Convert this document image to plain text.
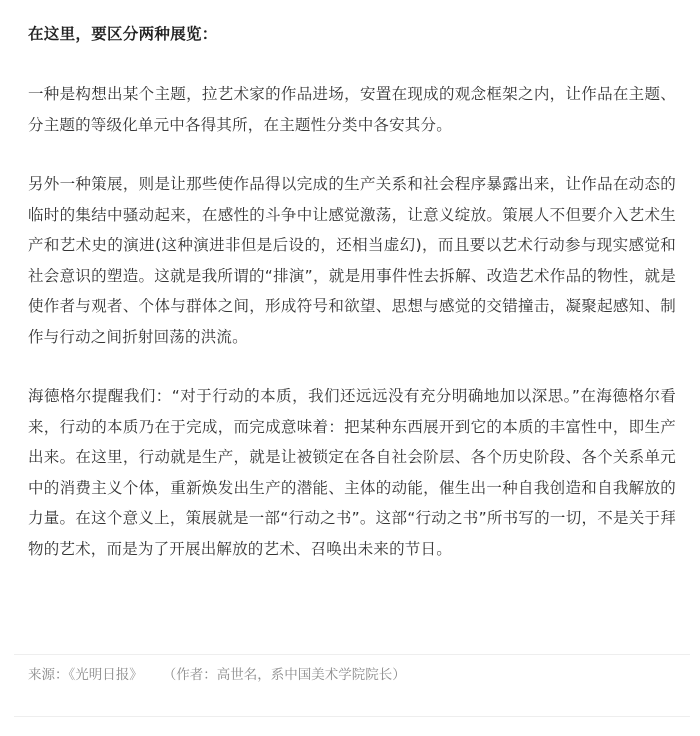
在这里，要区分两种展览：

一种是构想出某个主题，拉艺术家的作品进场，安置在现成的观念框架之内，让作品在主题、分主题的等级化单元中各得其所，在主题性分类中各安其分。

另外一种策展，则是让那些使作品得以完成的生产关系和社会程序暴露出来，让作品在动态的临时的集结中骚动起来，在感性的斗争中让感觉激荡，让意义绽放。策展人不但要介入艺术生产和艺术史的演进(这种演进非但是后设的，还相当虚幻)，而且要以艺术行动参与现实感觉和社会意识的塑造。这就是我所谓的“排演”，就是用事件性去拆解、改造艺术作品的物性，就是使作者与观者、个体与群体之间，形成符号和欲望、思想与感觉的交错撞击，凝聚起感知、制作与行动之间折射回荡的洪流。

海德格尔提醒我们：“对于行动的本质，我们还远远没有充分明确地加以深思。”在海德格尔看来，行动的本质乃在于完成，而完成意味着：把某种东西展开到它的本质的丰富性中，即生产出来。在这里，行动就是生产，就是让被锁定在各自社会阶层、各个历史阶段、各个关系单元中的消费主义个体，重新焕发出生产的潜能、主体的动能，催生出一种自我创造和自我解放的力量。在这个意义上，策展就是一部“行动之书”。这部“行动之书”所书写的一切，不是关于拜物的艺术，而是为了开展出解放的艺术、召唤出未来的节日。

来源：《光明日报》 （作者：高世名，系中国美术学院院长）
